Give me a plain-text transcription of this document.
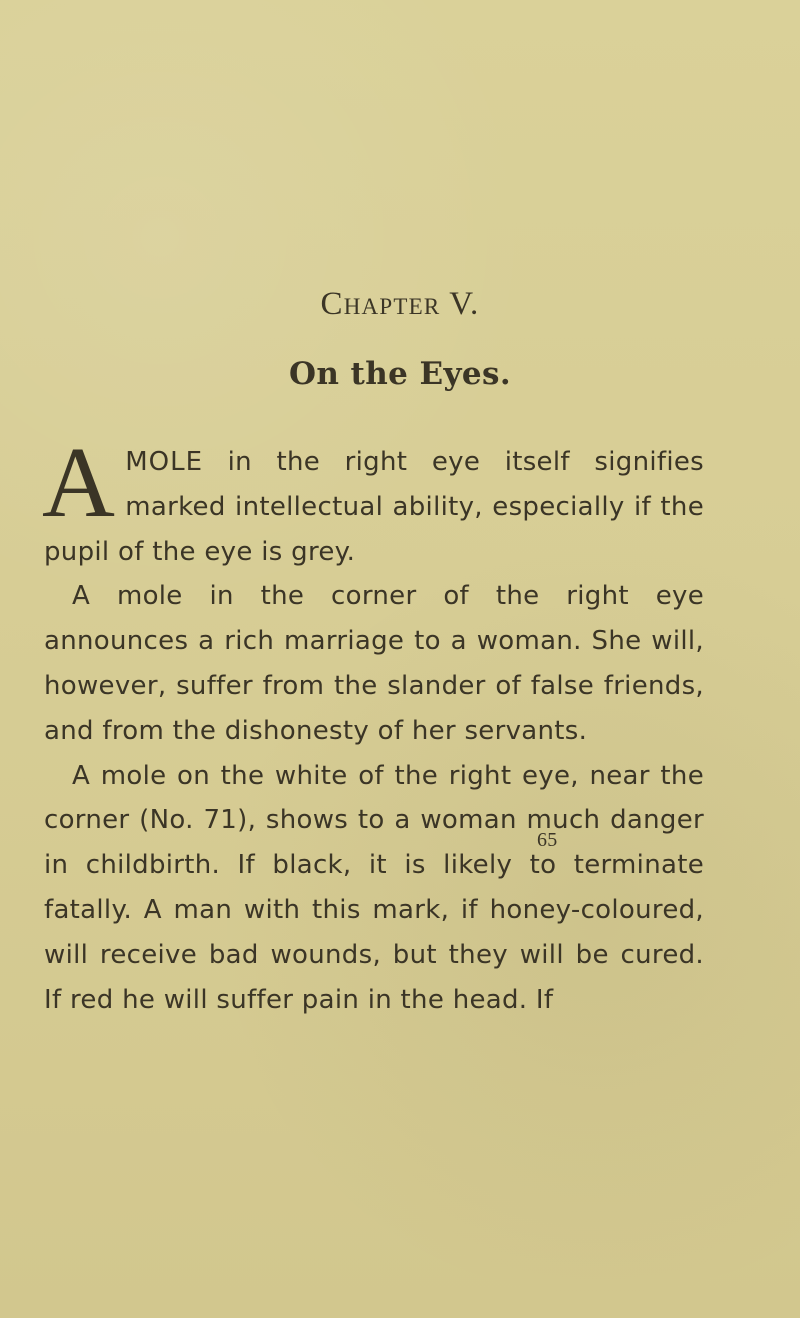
Chapter V.
On the Eyes.

A MOLE in the right eye itself signifies marked intellectual ability, especially if the pupil of the eye is grey.

A mole in the corner of the right eye announces a rich marriage to a woman. She will, however, suffer from the slander of false friends, and from the dishonesty of her servants.

A mole on the white of the right eye, near the corner (No. 71), shows to a woman much danger in childbirth. If black, it is likely to terminate fatally. A man with this mark, if honey-coloured, will receive bad wounds, but they will be cured. If red he will suffer pain in the head. If

65
